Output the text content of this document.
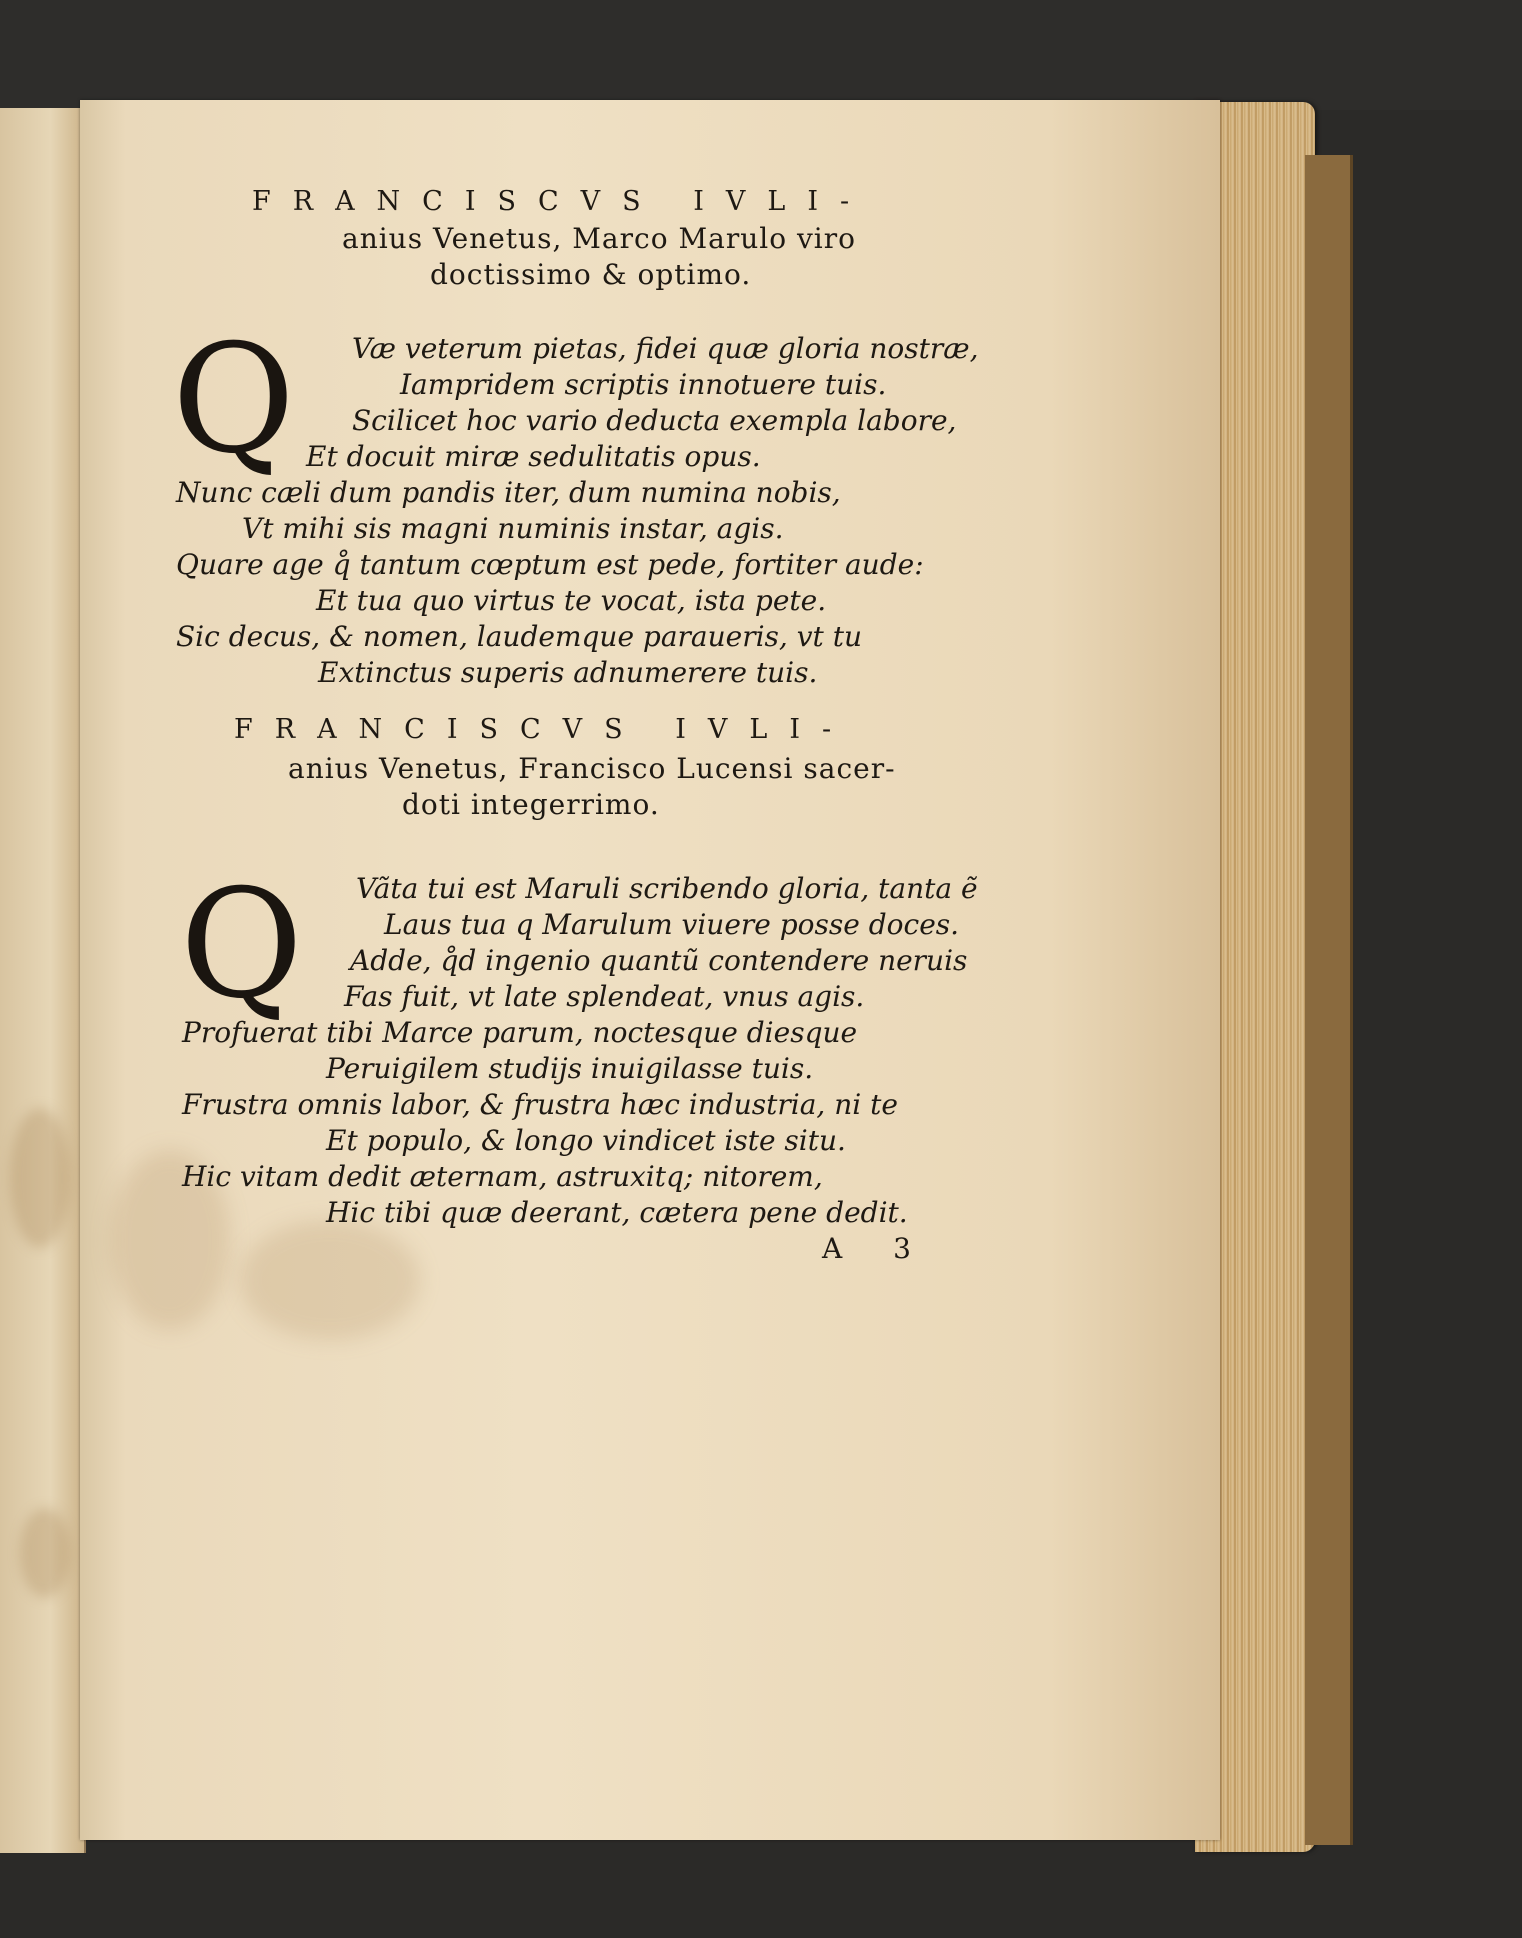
FRANCISCVS IVLI-
anius Venetus, Marco Marulo viro
doctissimo & optimo.
Q Væ veterum pietas, fidei quæ gloria nostræ,
Iampridem scriptis innotuere tuis.
Scilicet hoc vario deducta exempla labore,
Et docuit miræ sedulitatis opus.
Nunc cæli dum pandis iter, dum numina nobis,
Vt mihi sis magni numinis instar, agis.
Quare age q̊ tantum cœptum est pede, fortiter aude:
Et tua quo virtus te vocat, ista pete.
Sic decus, & nomen, laudemque paraueris, vt tu
Extinctus superis adnumerere tuis.
FRANCISCVS IVLI-
anius Venetus, Francisco Lucensi sacer-
doti integerrimo.
Q Vãta tui est Maruli scribendo gloria, tanta ẽ
Laus tua q Marulum viuere posse doces.
Adde, q̊d ingenio quantũ contendere neruis
Fas fuit, vt late splendeat, vnus agis.
Profuerat tibi Marce parum, noctesque diesque
Peruigilem studijs inuigilasse tuis.
Frustra omnis labor, & frustra hæc industria, ni te
Et populo, & longo vindicet iste situ.
Hic vitam dedit æternam, astruxitq; nitorem,
Hic tibi quæ deerant, cætera pene dedit.
A 3
